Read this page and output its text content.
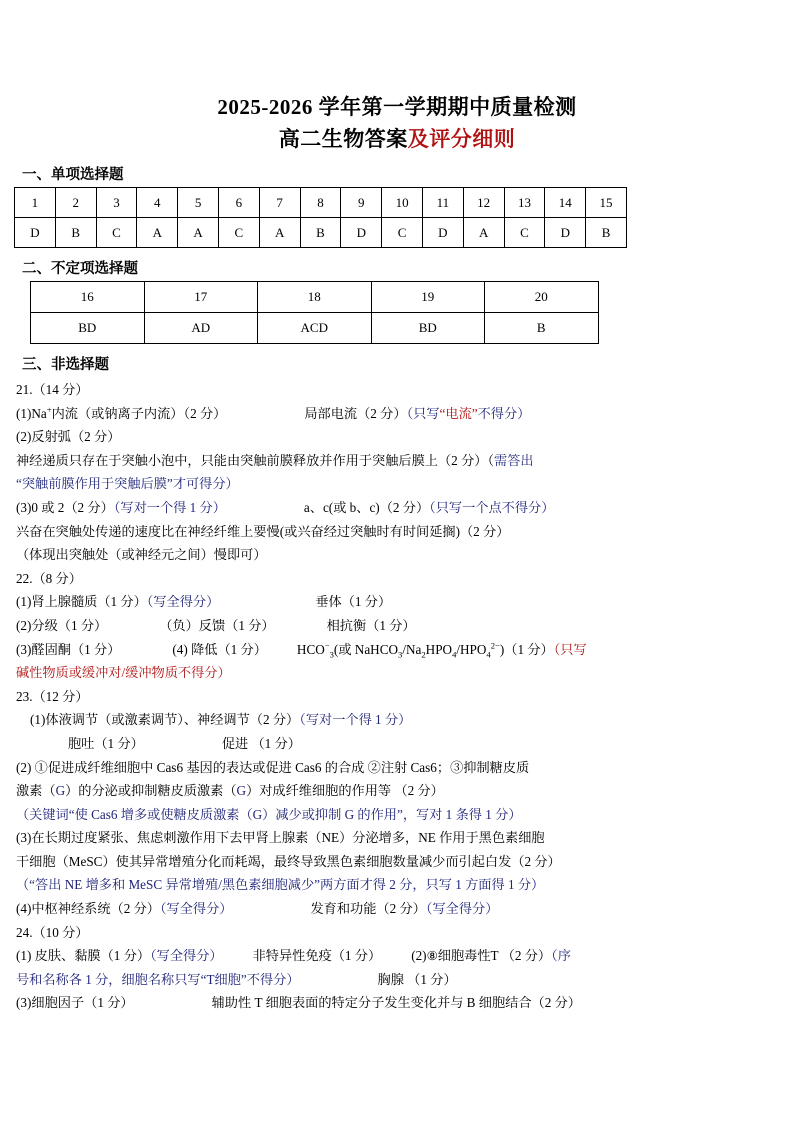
2025-2026 学年第一学期期中质量检测
高二生物答案及评分细则
一、单项选择题
1	2	3	4	5	6	7	8	9	10	11	12	13	14	15
D	B	C	A	A	C	A	B	D	C	D	A	C	D	B
二、不定项选择题
16	17	18	19	20
BD	AD	ACD	BD	B
三、非选择题
21.（14 分）
(1)Na+内流（或钠离子内流）（2 分）	局部电流（2 分）（只写“电流”不得分）
(2)反射弧（2 分）
神经递质只存在于突触小泡中，只能由突触前膜释放并作用于突触后膜上（2 分）（需答出
“突触前膜作用于突触后膜”才可得分）
(3)0 或 2（2 分）（写对一个得 1 分）	a、c(或 b、c)（2 分）（只写一个点不得分）
兴奋在突触处传递的速度比在神经纤维上要慢(或兴奋经过突触时有时间延搁)（2 分）
（体现出突触处（或神经元之间）慢即可）
22.（8 分）
(1)肾上腺髓质（1 分）（写全得分）	垂体（1 分）
(2)分级（1 分）	（负）反馈（1 分）	相抗衡（1 分）
(3)醛固酮（1 分）	(4) 降低（1 分） $HCO^-_3$(或 $NaHCO_3/Na_2HPO_4/HPO_4^{2-})(1$ 分）（只写
碱性物质或缓冲对/缓冲物质不得分）
23.（12 分）
(1)体液调节（或激素调节）、神经调节（2 分）（写对一个得 1 分）
胞吐（1 分）	促进 （1 分）
(2) ①促进成纤维细胞中 Cas6 基因的表达或促进 Cas6 的合成 ②注射 Cas6；③抑制糖皮质
激素（G）的分泌或抑制糖皮质激素（G）对成纤维细胞的作用等 （2 分）
（关键词“使 Cas6 增多或使糖皮质激素（G）减少或抑制 G 的作用”，写对 1 条得 1 分）
(3)在长期过度紧张、焦虑刺激作用下去甲肾上腺素（NE）分泌增多，NE 作用于黑色素细胞
干细胞（MeSC）使其异常增殖分化而耗竭，最终导致黑色素细胞数量减少而引起白发（2 分）
（“答出 NE 增多和 MeSC 异常增殖/黑色素细胞减少”两方面才得 2 分，只写 1 方面得 1 分）
(4)中枢神经系统（2 分）（写全得分）	发育和功能（2 分）（写全得分）
24.（10 分）
(1) 皮肤、黏膜（1 分）（写全得分） 非特异性免疫（1 分） (2)⑧细胞毒性T （2 分）（序
号和名称各 1 分，细胞名称只写“T细胞”不得分）	胸腺 （1 分）
(3)细胞因子（1 分）	辅助性 T 细胞表面的特定分子发生变化并与 B 细胞结合（2 分）
